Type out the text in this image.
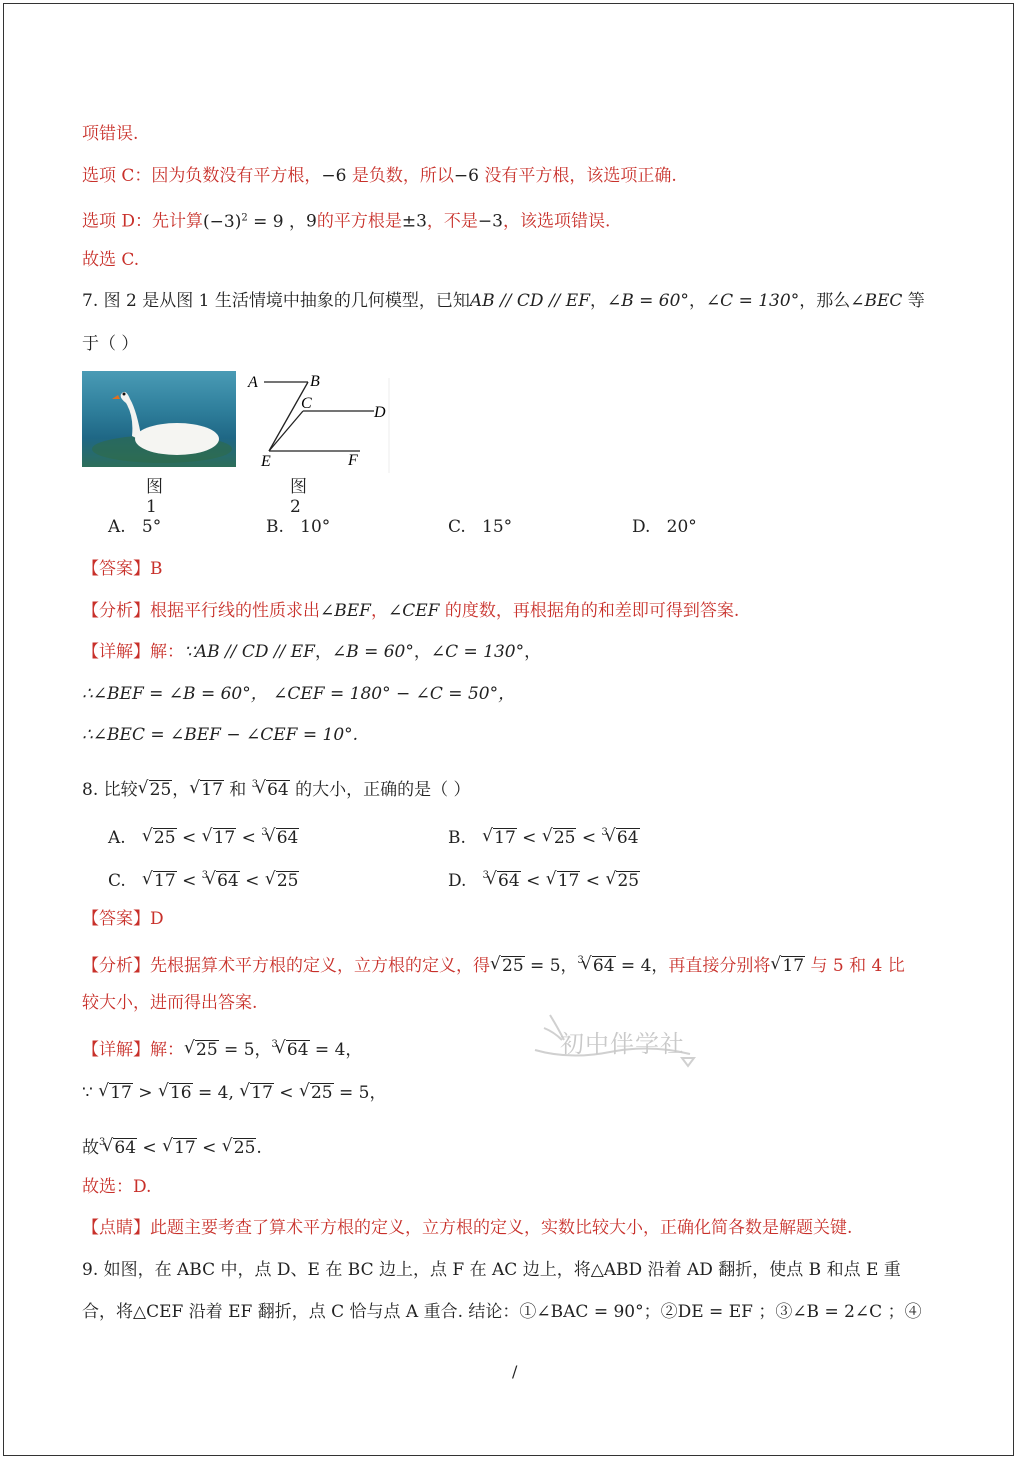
项错误.
选项 C：因为负数没有平方根，−6 是负数，所以−6 没有平方根，该选项正确.
选项 D：先计算$(-3)^2 = 9$ ，9的平方根是±3，不是−3，该选项错误.
故选 C.
7. 图 2 是从图 1 生活情境中抽象的几何模型，已知AB // CD // EF，∠B = 60°，∠C = 130°，那么∠BEC 等
于（ ）
图 1
A	B
C
D
E	F
图 2
A. 5°	B. 10°	C. 15°	D. 20°
【答案】B
【分析】根据平行线的性质求出∠BEF，∠CEF 的度数，再根据角的和差即可得到答案.
【详解】解：∵AB // CD // EF，∠B = 60°，∠C = 130°，
∴∠BEF = ∠B = 60°， ∠CEF = 180° − ∠C = 50°，
∴∠BEC = ∠BEF − ∠CEF = 10°.
8. 比较 √ 25， √ 17 和 $^3$ √ 64 的大小，正确的是（ ）
A. √ 25 < √ 17 < $^3$ √ 64	B. √ 17 < √ 25 < $^3$ √ 64
C. √ 17 < $^3$ √ 64 < √ 25	D. $^3$ √ 64 < √ 17 < √ 25
【答案】D
【分析】先根据算术平方根的定义，立方根的定义，得 √ 25 = 5，$^3$ √ 64 = 4，再直接分别将 √ 17 与 5 和 4 比
较大小，进而得出答案.
【详解】解： √ 25 = 5，$^3$ √ 64 = 4，
∵ √ 17 > √ 16 = 4, √ 17 < √ 25 = 5，
故$^3$ √ 64 < √ 17 < √ 25.
故选：D.
【点睛】此题主要考查了算术平方根的定义，立方根的定义，实数比较大小，正确化简各数是解题关键.
9. 如图，在 ABC 中，点 D、E 在 BC 边上，点 F 在 AC 边上，将△ABD 沿着 AD 翻折，使点 B 和点 E 重
合，将△CEF 沿着 EF 翻折，点 C 恰与点 A 重合. 结论：①∠BAC = 90°；②DE = EF ；③∠B = 2∠C ；④
初中伴学社
/
